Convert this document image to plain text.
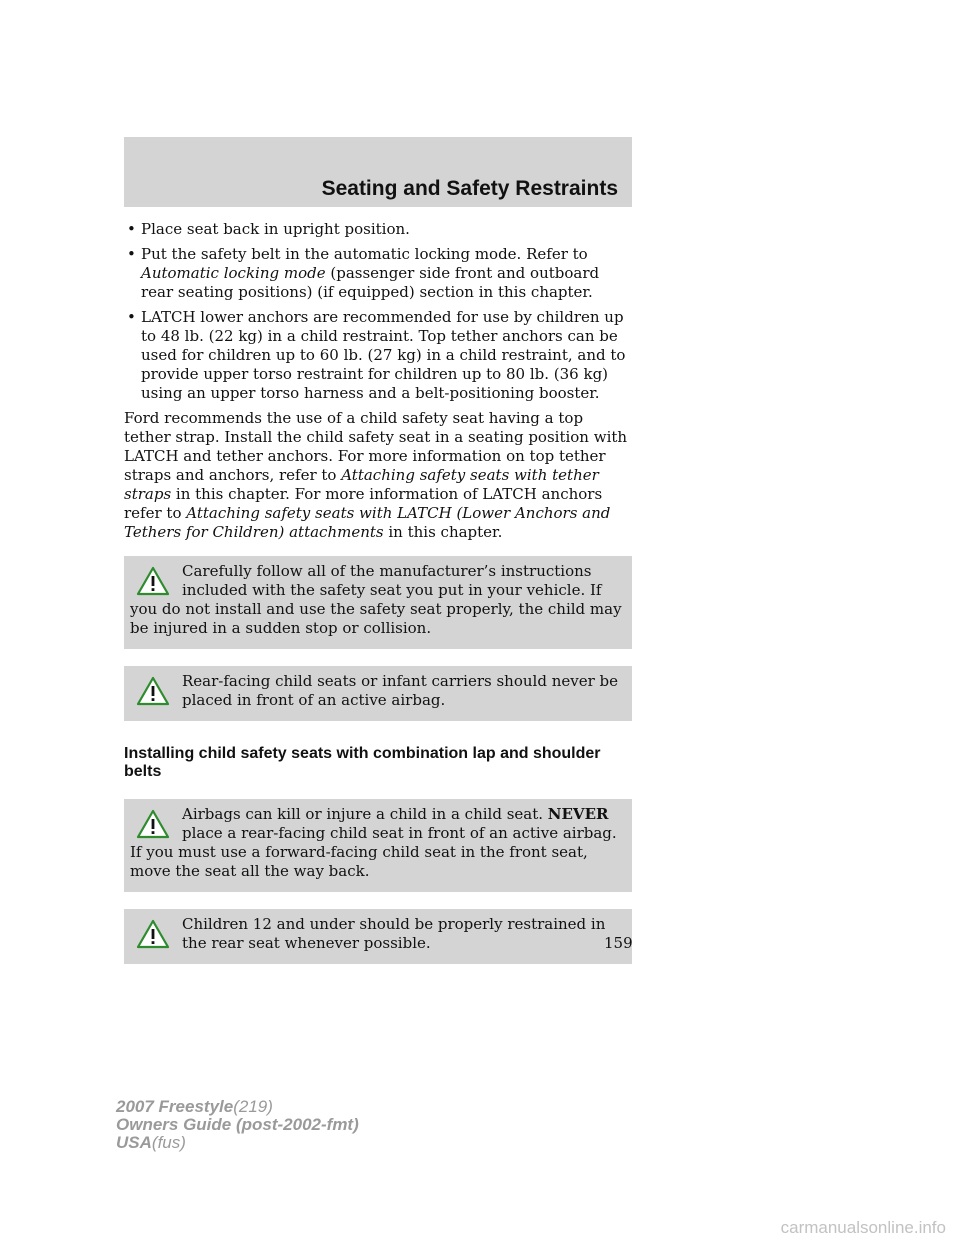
Seating and Safety Restraints
• Place seat back in upright position.
• Put the safety belt in the automatic locking mode. Refer to Automatic locking mode (passenger side front and outboard rear seating positions) (if equipped) section in this chapter.
• LATCH lower anchors are recommended for use by children up to 48 lb. (22 kg) in a child restraint. Top tether anchors can be used for children up to 60 lb. (27 kg) in a child restraint, and to provide upper torso restraint for children up to 80 lb. (36 kg) using an upper torso harness and a belt-positioning booster.

Ford recommends the use of a child safety seat having a top tether strap. Install the child safety seat in a seating position with LATCH and tether anchors. For more information on top tether straps and anchors, refer to Attaching safety seats with tether straps in this chapter. For more information of LATCH anchors refer to Attaching safety seats with LATCH (Lower Anchors and Tethers for Children) attachments in this chapter.

Carefully follow all of the manufacturer’s instructions included with the safety seat you put in your vehicle. If you do not install and use the safety seat properly, the child may be injured in a sudden stop or collision.
Rear-facing child seats or infant carriers should never be placed in front of an active airbag.
Installing child safety seats with combination lap and shoulder belts
Airbags can kill or injure a child in a child seat. NEVER place a rear-facing child seat in front of an active airbag. If you must use a forward-facing child seat in the front seat, move the seat all the way back.
Children 12 and under should be properly restrained in the rear seat whenever possible.	159
2007 Freestyle(219)
Owners Guide (post-2002-fmt)
USA(fus)
carmanualsonline.info
